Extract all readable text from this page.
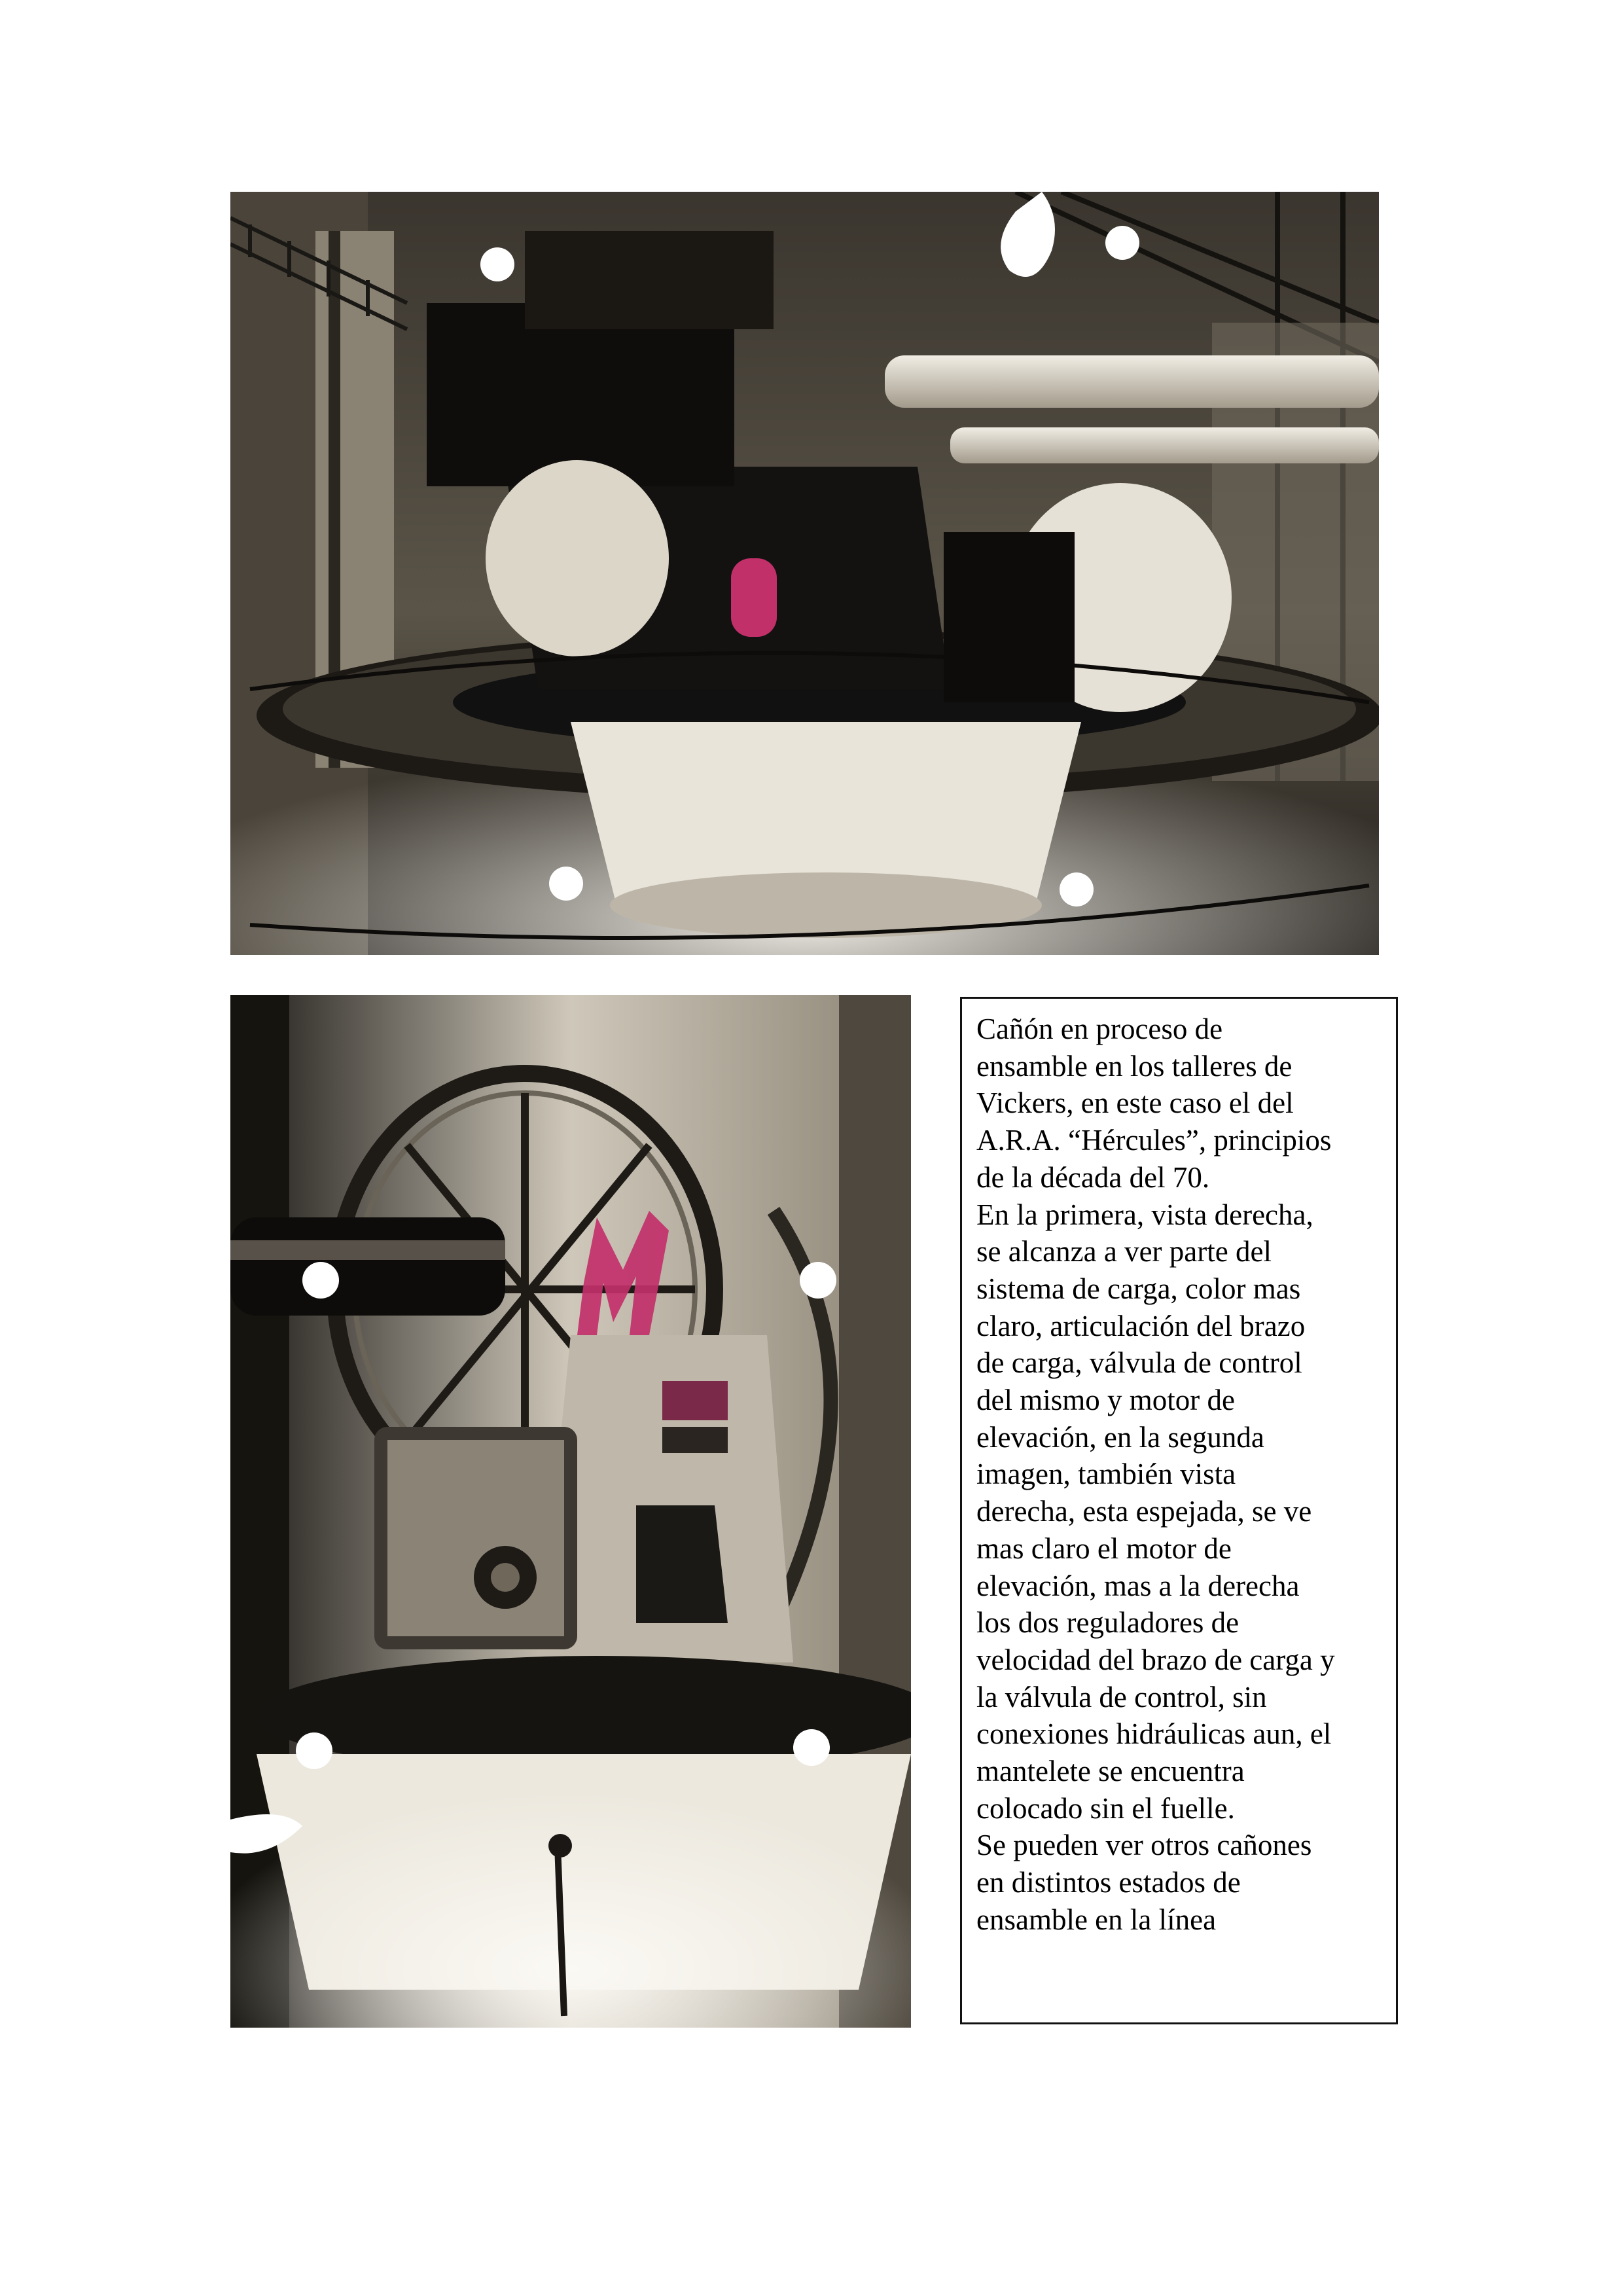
Cañón en proceso de
ensamble en los talleres de
Vickers, en este caso el del
A.R.A. “Hércules”, principios
de la década del 70.
En la primera, vista derecha,
se alcanza a ver parte del
sistema de carga, color mas
claro, articulación del brazo
de carga, válvula de control
del mismo y motor de
elevación, en la segunda
imagen, también vista
derecha, esta espejada, se ve
mas claro el motor de
elevación, mas a la derecha
los dos reguladores de
velocidad del brazo de carga y
la válvula de control, sin
conexiones hidráulicas aun, el
mantelete se encuentra
colocado sin el fuelle.
Se pueden ver otros cañones
en distintos estados de
ensamble en la línea
